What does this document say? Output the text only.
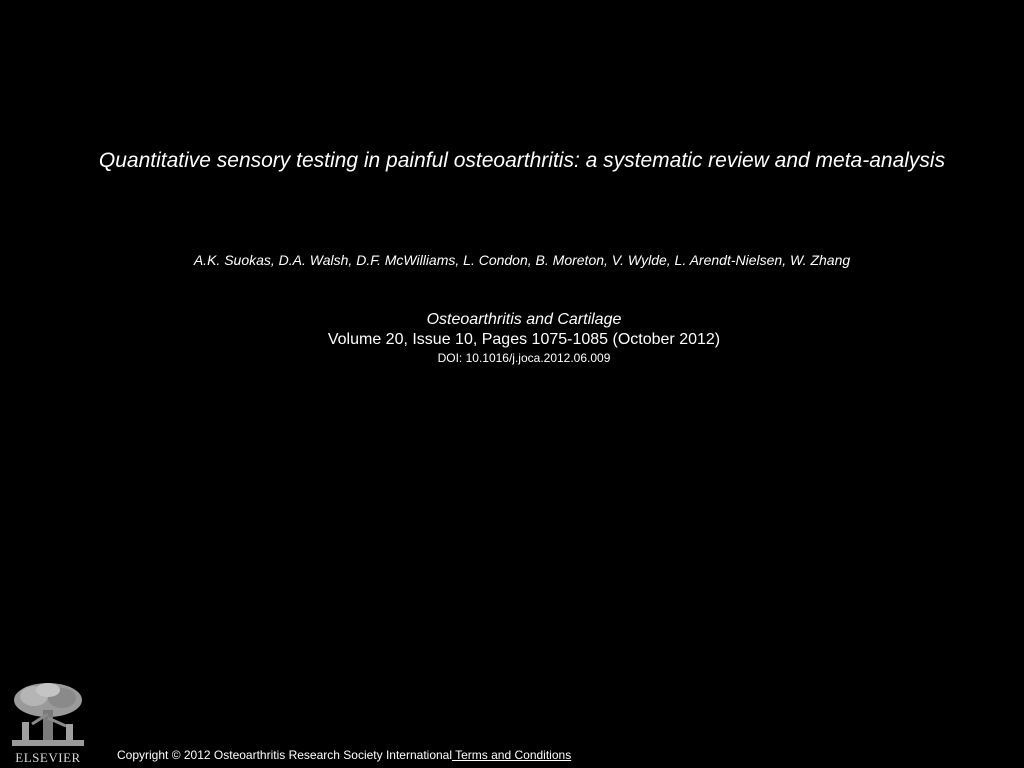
Quantitative sensory testing in painful osteoarthritis: a systematic review and meta-analysis
A.K. Suokas, D.A. Walsh, D.F. McWilliams, L. Condon, B. Moreton, V. Wylde, L. Arendt-Nielsen, W. Zhang
Osteoarthritis and Cartilage
Volume 20, Issue 10, Pages 1075-1085 (October 2012)
DOI: 10.1016/j.joca.2012.06.009
ELSEVIER	Copyright © 2012 Osteoarthritis Research Society International Terms and Conditions
